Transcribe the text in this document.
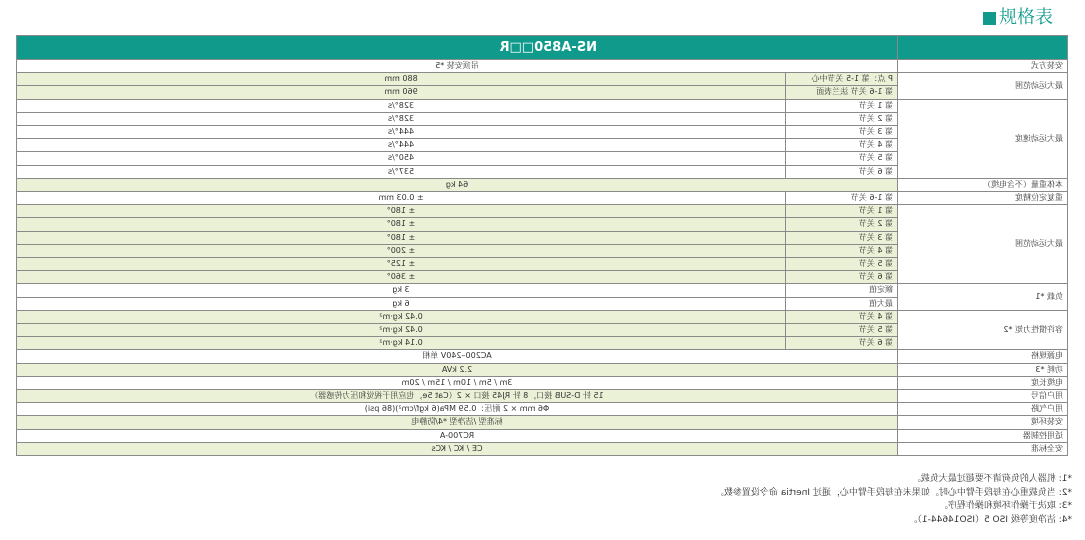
规格表
	NS-A850□□R	
安装方式	吊顶安装 *5	
最大运动范围	P 点：第 1-5 关节中心	880 mm
	第 1-6 关节 法兰表面	960 mm
最大运动速度	第 1 关节	328°/s
	第 2 关节	328°/s
	第 3 关节	444°/s
	第 4 关节	444°/s
	第 5 关节	450°/s
	第 6 关节	537°/s
本体重量（不含电缆）	64 kg	
重复定位精度	第 1-6 关节	± 0.03 mm
最大运动范围	第 1 关节	± 180°
	第 2 关节	± 180°
	第 3 关节	± 180°
	第 4 关节	± 200°
	第 5 关节	± 125°
	第 6 关节	± 360°
负载 *1	额定值	3 kg
	最大值	6 kg
容许惯性力矩 *2	第 4 关节	0.42 kg·m²
	第 5 关节	0.42 kg·m²
	第 6 关节	0.14 kg·m²
电源规格	AC200–240V 单相	
功耗 *3	2.2 kVA	
电缆长度	3m / 5m / 10m / 15m / 20m	
用户信号	15 针 D-SUB 接口，8 针 RJ45 接口 × 2（Cat 5e，也应用于视觉和压力传感器）	
用户气路	Φ6 mm × 2 耐压：0.59 MPa(6 kgf/cm²)(86 psi)	
安装环境	标准型 /洁净型 *4/防静电	
适用控制器	RC700-A	
安全标准	CE / KC / KCs	
*1: 机器人的负荷请不要超过最大负载。
*2: 当负载重心在每段手臂中心时。如果未在每段手臂中心，通过 Inertia 命令设置参数。
*3: 取决于操作环境和操作程序。
*4: 洁净度等级 ISO 5（ISO14644-1）。
